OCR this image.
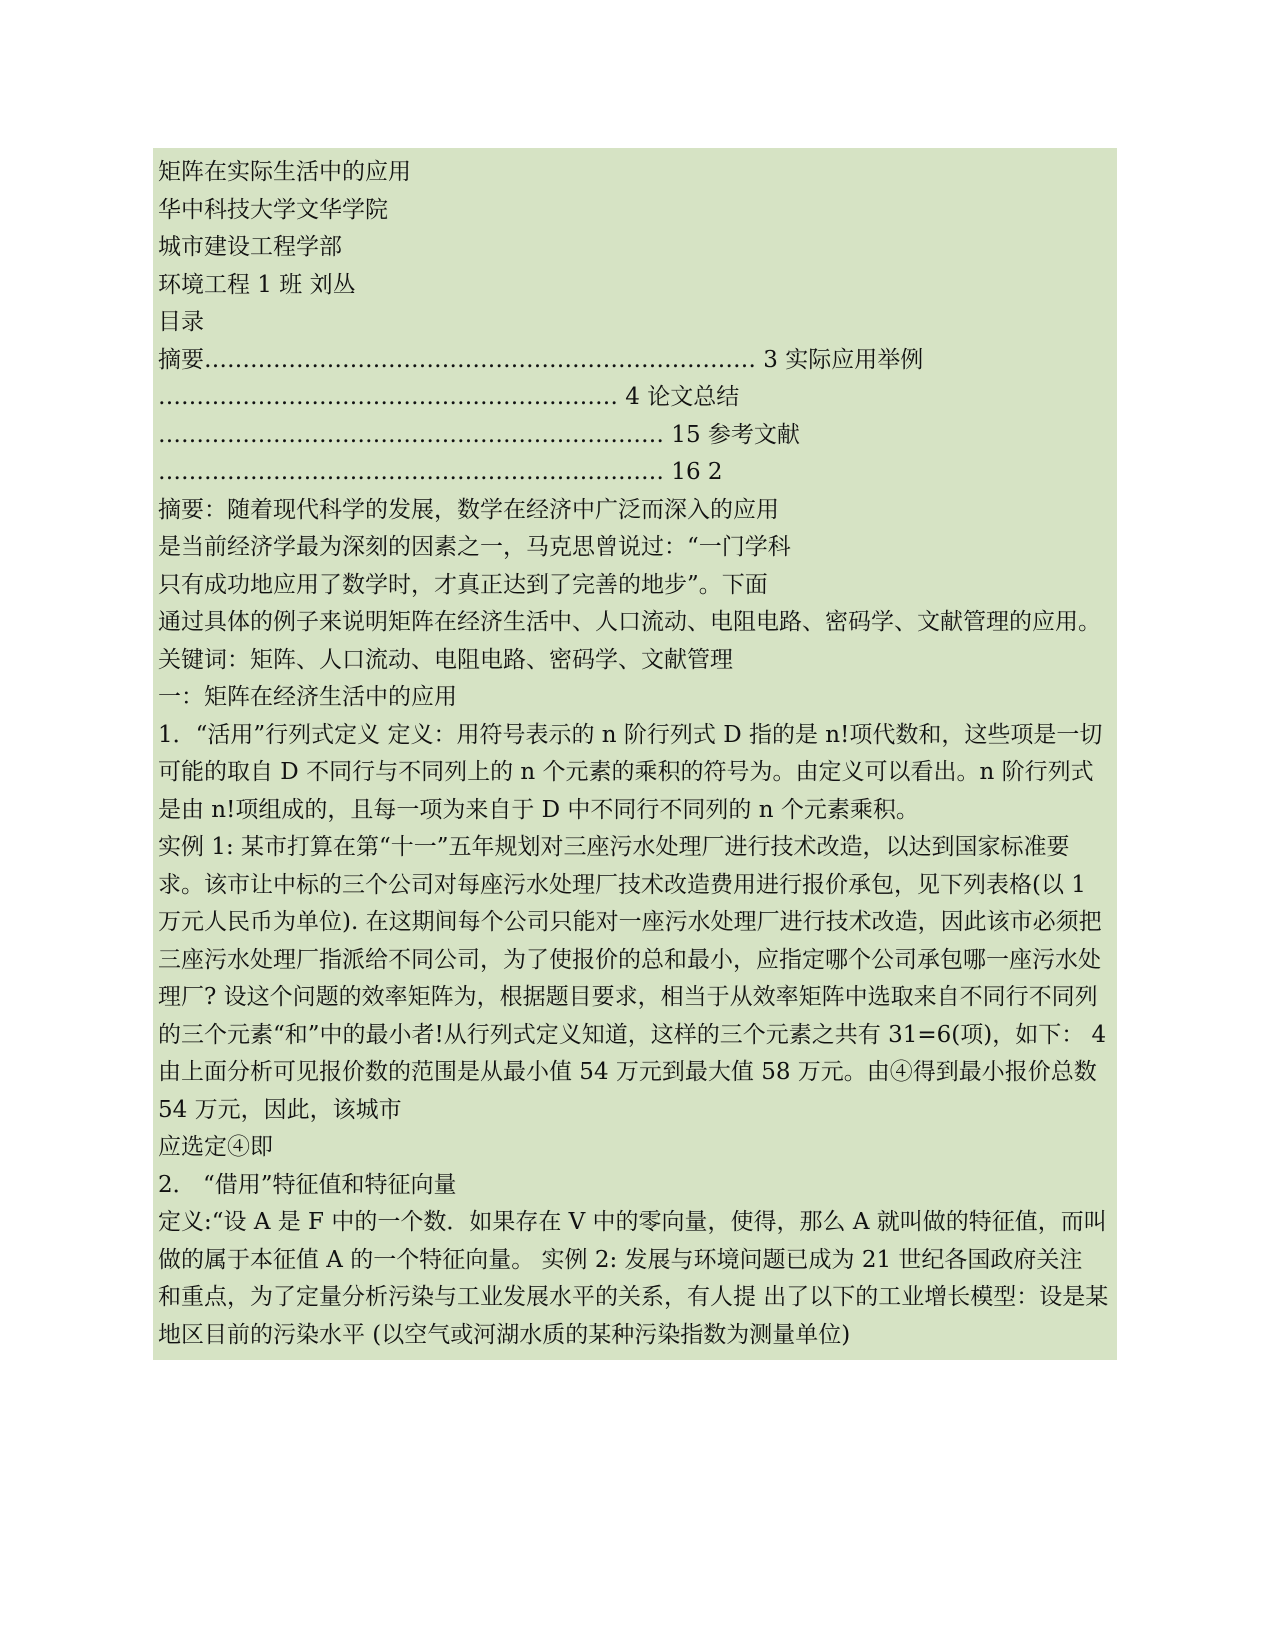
矩阵在实际生活中的应用
华中科技大学文华学院
城市建设工程学部
环境工程 1 班 刘丛
目录
摘要……………………………………………………………… 3 实际应用举例
…………………………………………………… 4 论文总结
………………………………………………………… 15 参考文献
………………………………………………………… 16 2
摘要：随着现代科学的发展，数学在经济中广泛而深入的应用
是当前经济学最为深刻的因素之一，马克思曾说过：“一门学科
只有成功地应用了数学时，才真正达到了完善的地步”。下面
通过具体的例子来说明矩阵在经济生活中、人口流动、电阻电路、密码学、文献管理的应用。
关键词：矩阵、人口流动、电阻电路、密码学、文献管理
一：矩阵在经济生活中的应用
1．“活用”行列式定义 定义：用符号表示的 n 阶行列式 D 指的是 n!项代数和，这些项是一切可能的取自 D 不同行与不同列上的 n 个元素的乘积的符号为。由定义可以看出。n 阶行列式是由 n!项组成的，且每一项为来自于 D 中不同行不同列的 n 个元素乘积。
实例 1: 某市打算在第“十一”五年规划对三座污水处理厂进行技术改造，以达到国家标准要求。该市让中标的三个公司对每座污水处理厂技术改造费用进行报价承包，见下列表格(以 1 万元人民币为单位). 在这期间每个公司只能对一座污水处理厂进行技术改造，因此该市必须把三座污水处理厂指派给不同公司，为了使报价的总和最小，应指定哪个公司承包哪一座污水处理厂? 设这个问题的效率矩阵为，根据题目要求，相当于从效率矩阵中选取来自不同行不同列的三个元素“和”中的最小者!从行列式定义知道，这样的三个元素之共有 31=6(项)，如下： 4
由上面分析可见报价数的范围是从最小值 54 万元到最大值 58 万元。由④得到最小报价总数 54 万元，因此，该城市
应选定④即
2． “借用”特征值和特征向量
定义:“设 A 是 F 中的一个数．如果存在 V 中的零向量，使得，那么 A 就叫做的特征值，而叫做的属于本征值 A 的一个特征向量。 实例 2: 发展与环境问题已成为 21 世纪各国政府关注
和重点，为了定量分析污染与工业发展水平的关系，有人提 出了以下的工业增长模型：设是某地区目前的污染水平 (以空气或河湖水质的某种污染指数为测量单位)
